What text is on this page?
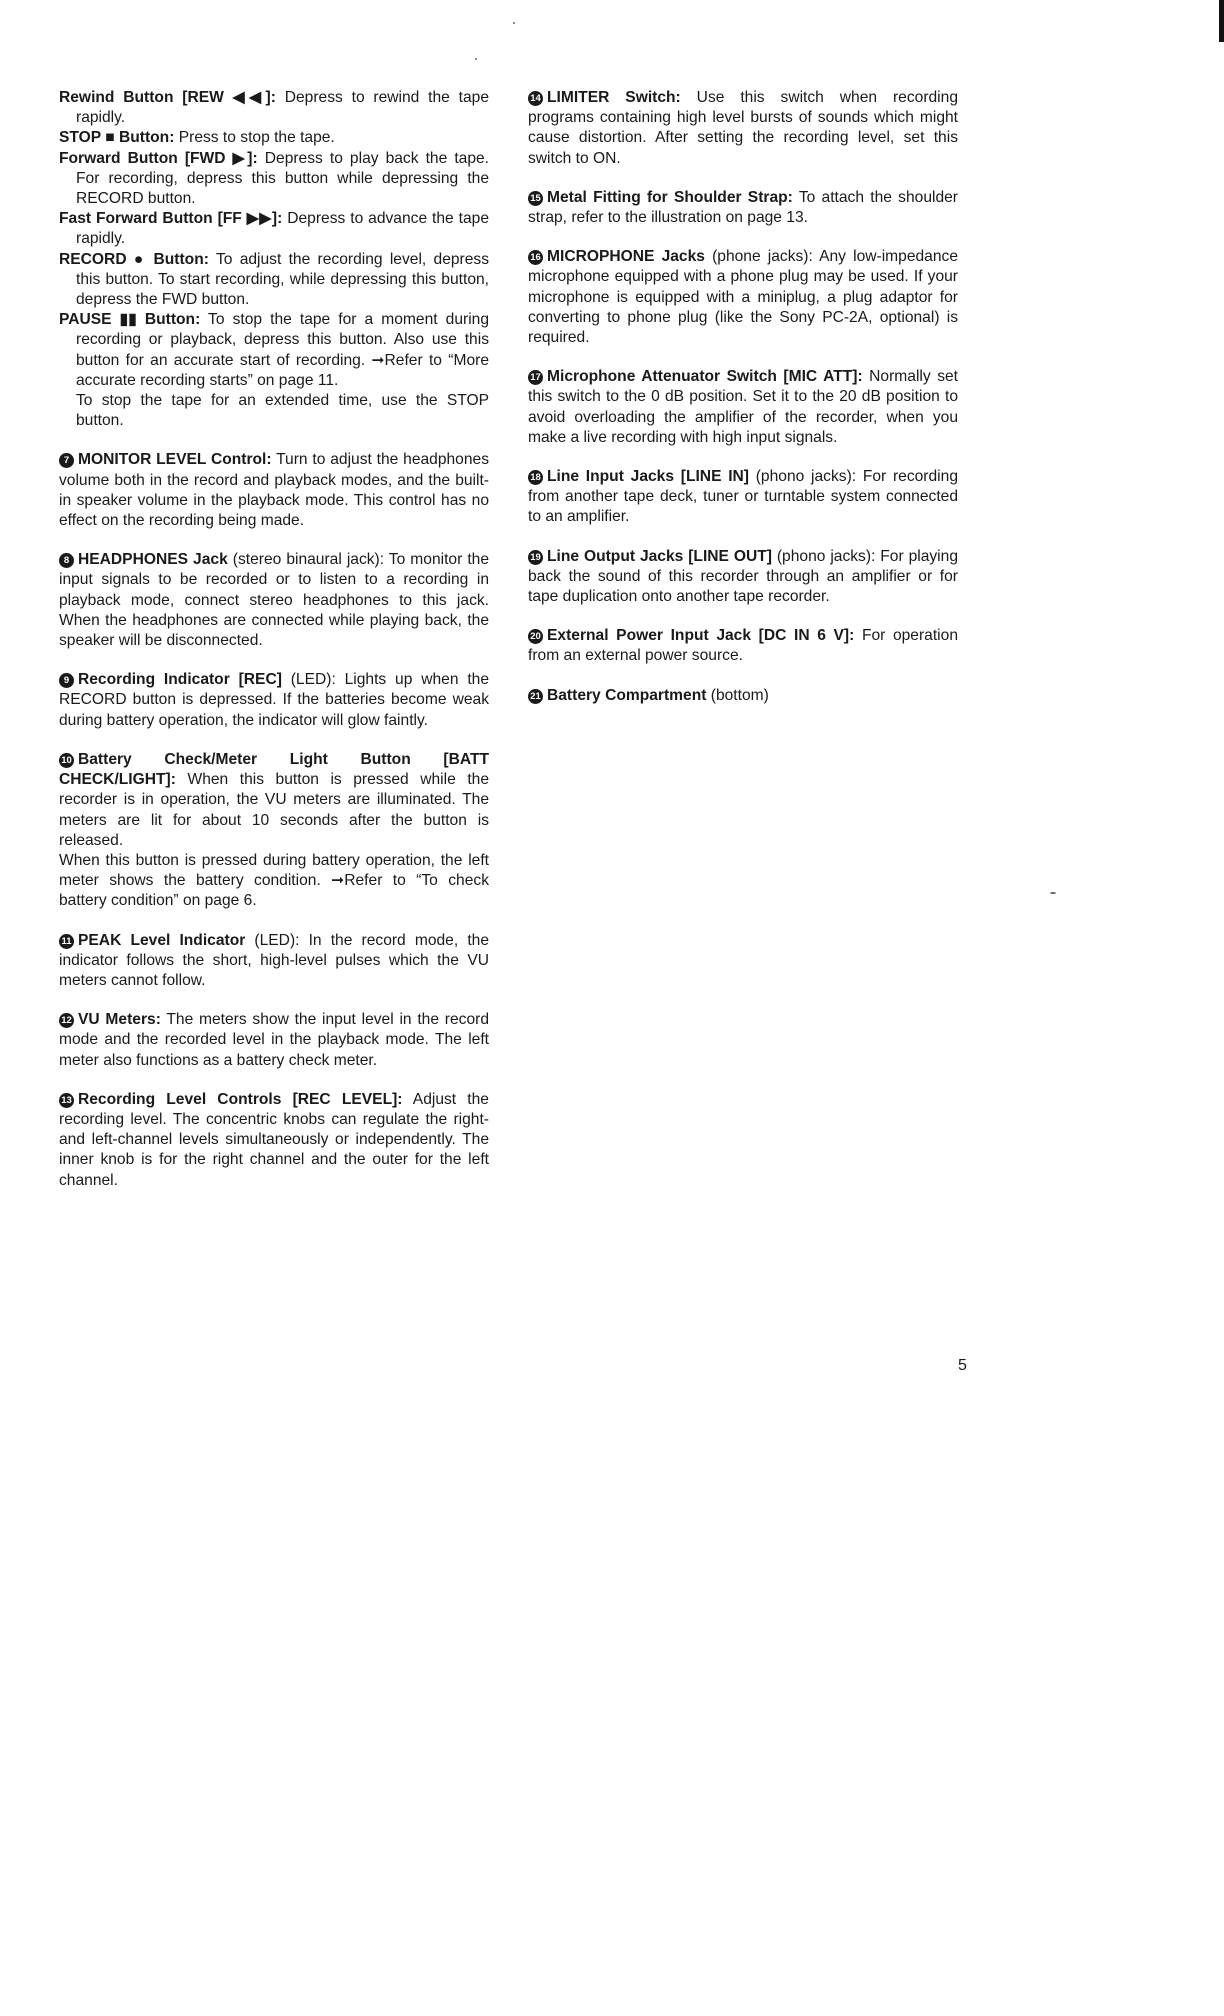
Rewind Button [REW ◀◀]: Depress to rewind the tape rapidly.

STOP ■ Button: Press to stop the tape.

Forward Button [FWD ▶]: Depress to play back the tape. For recording, depress this button while depressing the RECORD button.

Fast Forward Button [FF ▶▶]: Depress to advance the tape rapidly.

RECORD ● Button: To adjust the recording level, depress this button. To start recording, while depressing this button, depress the FWD button.

PAUSE ▮▮ Button: To stop the tape for a moment during recording or playback, depress this button. Also use this button for an accurate start of recording. ➞Refer to “More accurate recording starts” on page 11.

To stop the tape for an extended time, use the STOP button.

7 MONITOR LEVEL Control: Turn to adjust the headphones volume both in the record and playback modes, and the built-in speaker volume in the playback mode. This control has no effect on the recording being made.

8 HEADPHONES Jack (stereo binaural jack): To monitor the input signals to be recorded or to listen to a recording in playback mode, connect stereo headphones to this jack. When the headphones are connected while playing back, the speaker will be disconnected.

9 Recording Indicator [REC] (LED): Lights up when the RECORD button is depressed. If the batteries become weak during battery operation, the indicator will glow faintly.

10 Battery Check/Meter Light Button [BATT CHECK/LIGHT]: When this button is pressed while the recorder is in operation, the VU meters are illuminated. The meters are lit for about 10 seconds after the button is released.

When this button is pressed during battery operation, the left meter shows the battery condition. ➞Refer to “To check battery condition” on page 6.

11 PEAK Level Indicator (LED): In the record mode, the indicator follows the short, high-level pulses which the VU meters cannot follow.

12 VU Meters: The meters show the input level in the record mode and the recorded level in the playback mode. The left meter also functions as a battery check meter.

13 Recording Level Controls [REC LEVEL]: Adjust the recording level. The concentric knobs can regulate the right- and left-channel levels simultaneously or independently. The inner knob is for the right channel and the outer for the left channel.

14 LIMITER Switch: Use this switch when recording programs containing high level bursts of sounds which might cause distortion. After setting the recording level, set this switch to ON.

15 Metal Fitting for Shoulder Strap: To attach the shoulder strap, refer to the illustration on page 13.

16 MICROPHONE Jacks (phone jacks): Any low-impedance microphone equipped with a phone plug may be used. If your microphone is equipped with a miniplug, a plug adaptor for converting to phone plug (like the Sony PC-2A, optional) is required.

17 Microphone Attenuator Switch [MIC ATT]: Normally set this switch to the 0 dB position. Set it to the 20 dB position to avoid overloading the amplifier of the recorder, when you make a live recording with high input signals.

18 Line Input Jacks [LINE IN] (phono jacks): For recording from another tape deck, tuner or turntable system connected to an amplifier.

19 Line Output Jacks [LINE OUT] (phono jacks): For playing back the sound of this recorder through an amplifier or for tape duplication onto another tape recorder.

20 External Power Input Jack [DC IN 6 V]: For operation from an external power source.

21 Battery Compartment (bottom)

5
